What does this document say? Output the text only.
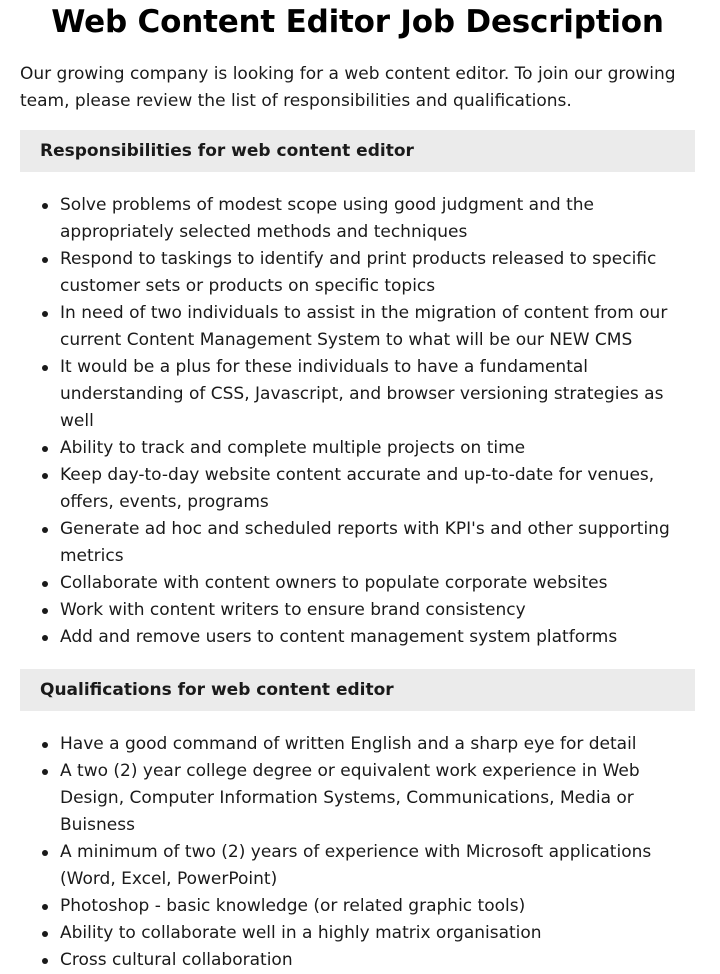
Web Content Editor Job Description

Our growing company is looking for a web content editor. To join our growing team, please review the list of responsibilities and qualifications.

Responsibilities for web content editor
Solve problems of modest scope using good judgment and the appropriately selected methods and techniques
Respond to taskings to identify and print products released to specific customer sets or products on specific topics
In need of two individuals to assist in the migration of content from our current Content Management System to what will be our NEW CMS
It would be a plus for these individuals to have a fundamental understanding of CSS, Javascript, and browser versioning strategies as well
Ability to track and complete multiple projects on time
Keep day-to-day website content accurate and up-to-date for venues, offers, events, programs
Generate ad hoc and scheduled reports with KPI's and other supporting metrics
Collaborate with content owners to populate corporate websites
Work with content writers to ensure brand consistency
Add and remove users to content management system platforms
Qualifications for web content editor
Have a good command of written English and a sharp eye for detail
A two (2) year college degree or equivalent work experience in Web Design, Computer Information Systems, Communications, Media or Buisness
A minimum of two (2) years of experience with Microsoft applications (Word, Excel, PowerPoint)
Photoshop - basic knowledge (or related graphic tools)
Ability to collaborate well in a highly matrix organisation
Cross cultural collaboration
